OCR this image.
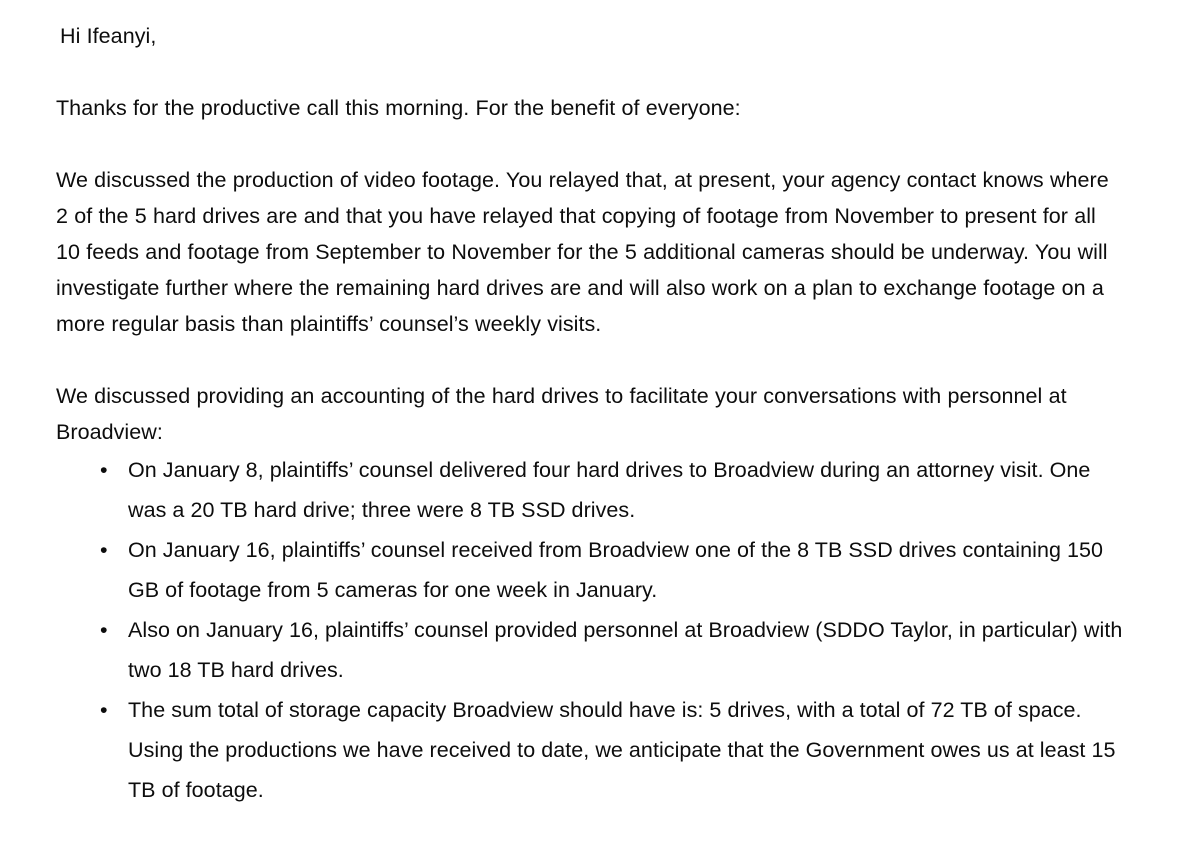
Hi Ifeanyi,

Thanks for the productive call this morning. For the benefit of everyone:

We discussed the production of video footage. You relayed that, at present, your agency contact knows where 2 of the 5 hard drives are and that you have relayed that copying of footage from November to present for all 10 feeds and footage from September to November for the 5 additional cameras should be underway. You will investigate further where the remaining hard drives are and will also work on a plan to exchange footage on a more regular basis than plaintiffs’ counsel’s weekly visits.

We discussed providing an accounting of the hard drives to facilitate your conversations with personnel at Broadview:

• On January 8, plaintiffs’ counsel delivered four hard drives to Broadview during an attorney visit. One was a 20 TB hard drive; three were 8 TB SSD drives.
• On January 16, plaintiffs’ counsel received from Broadview one of the 8 TB SSD drives containing 150 GB of footage from 5 cameras for one week in January.
• Also on January 16, plaintiffs’ counsel provided personnel at Broadview (SDDO Taylor, in particular) with two 18 TB hard drives.
• The sum total of storage capacity Broadview should have is: 5 drives, with a total of 72 TB of space. Using the productions we have received to date, we anticipate that the Government owes us at least 15 TB of footage.
